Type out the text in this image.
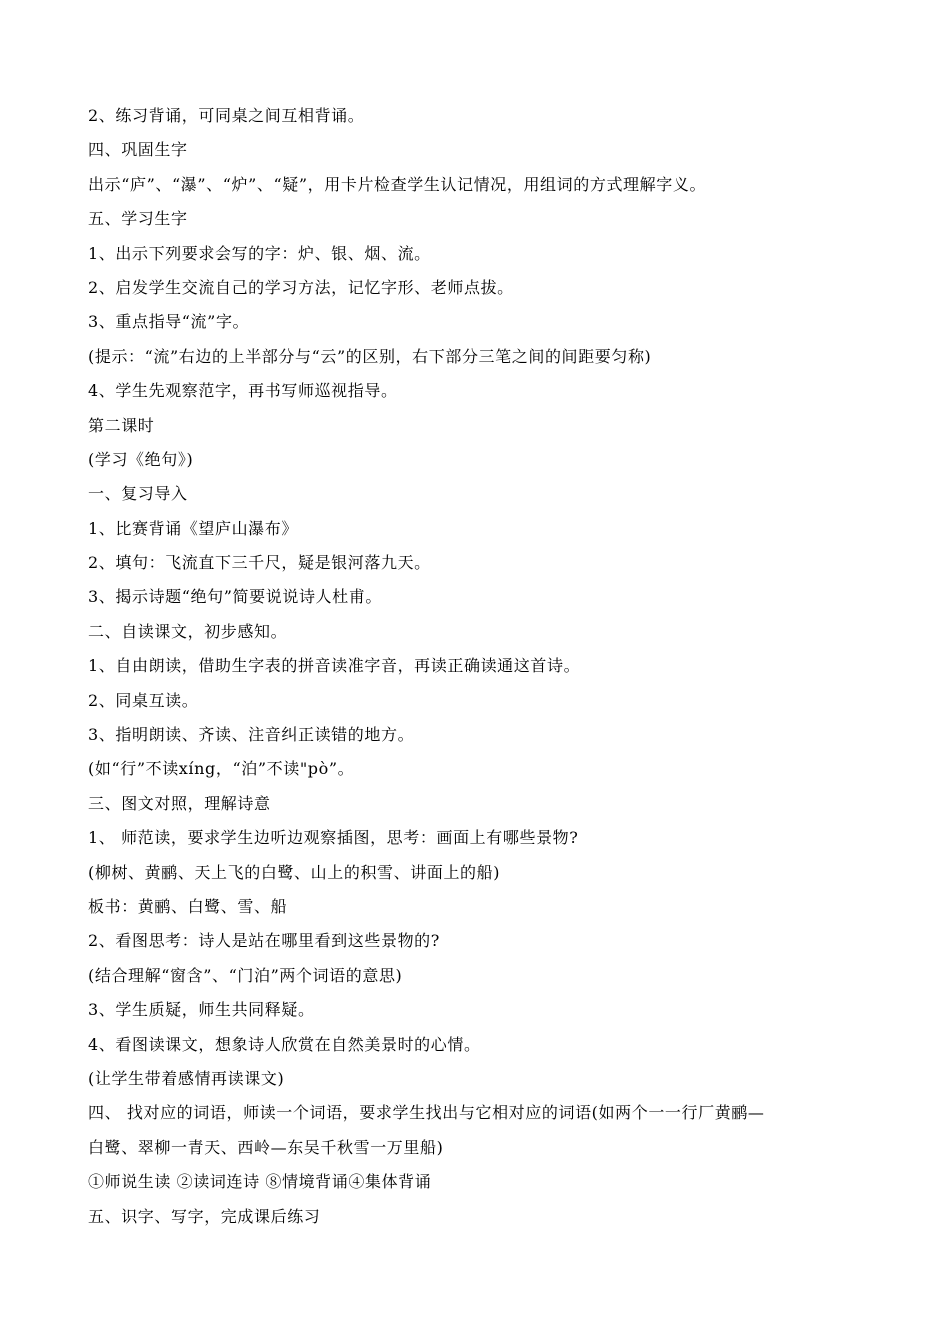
2、练习背诵，可同桌之间互相背诵。
四、巩固生字
出示“庐”、“瀑”、“炉”、“疑”，用卡片检查学生认记情况，用组词的方式理解字义。
五、学习生字
1、出示下列要求会写的字：炉、银、烟、流。
2、启发学生交流自己的学习方法，记忆字形、老师点拔。
3、重点指导“流”字。
(提示：“流”右边的上半部分与“云”的区别，右下部分三笔之间的间距要匀称)
4、学生先观察范字，再书写师巡视指导。
第二课时
(学习《绝句》)
一、复习导入
1、比赛背诵《望庐山瀑布》
2、填句：飞流直下三千尺，疑是银河落九天。
3、揭示诗题“绝句”简要说说诗人杜甫。
二、自读课文，初步感知。
1、自由朗读，借助生字表的拼音读准字音，再读正确读通这首诗。
2、同桌互读。
3、指明朗读、齐读、注音纠正读错的地方。
(如“行”不读xíng，“泊”不读"pò”。
三、图文对照，理解诗意
1、 师范读，要求学生边听边观察插图，思考：画面上有哪些景物?
(柳树、黄鹂、天上飞的白鹭、山上的积雪、讲面上的船)
板书：黄鹂、白鹭、雪、船
2、看图思考：诗人是站在哪里看到这些景物的?
(结合理解“窗含”、“门泊”两个词语的意思)
3、学生质疑，师生共同释疑。
4、看图读课文，想象诗人欣赏在自然美景时的心情。
(让学生带着感情再读课文)
四、 找对应的词语，师读一个词语，要求学生找出与它相对应的词语(如两个一一行厂黄鹂—
白鹭、翠柳一青天、西岭—东吴千秋雪一万里船)
①师说生读 ②读词连诗 ⑧情境背诵④集体背诵
五、识字、写字，完成课后练习
